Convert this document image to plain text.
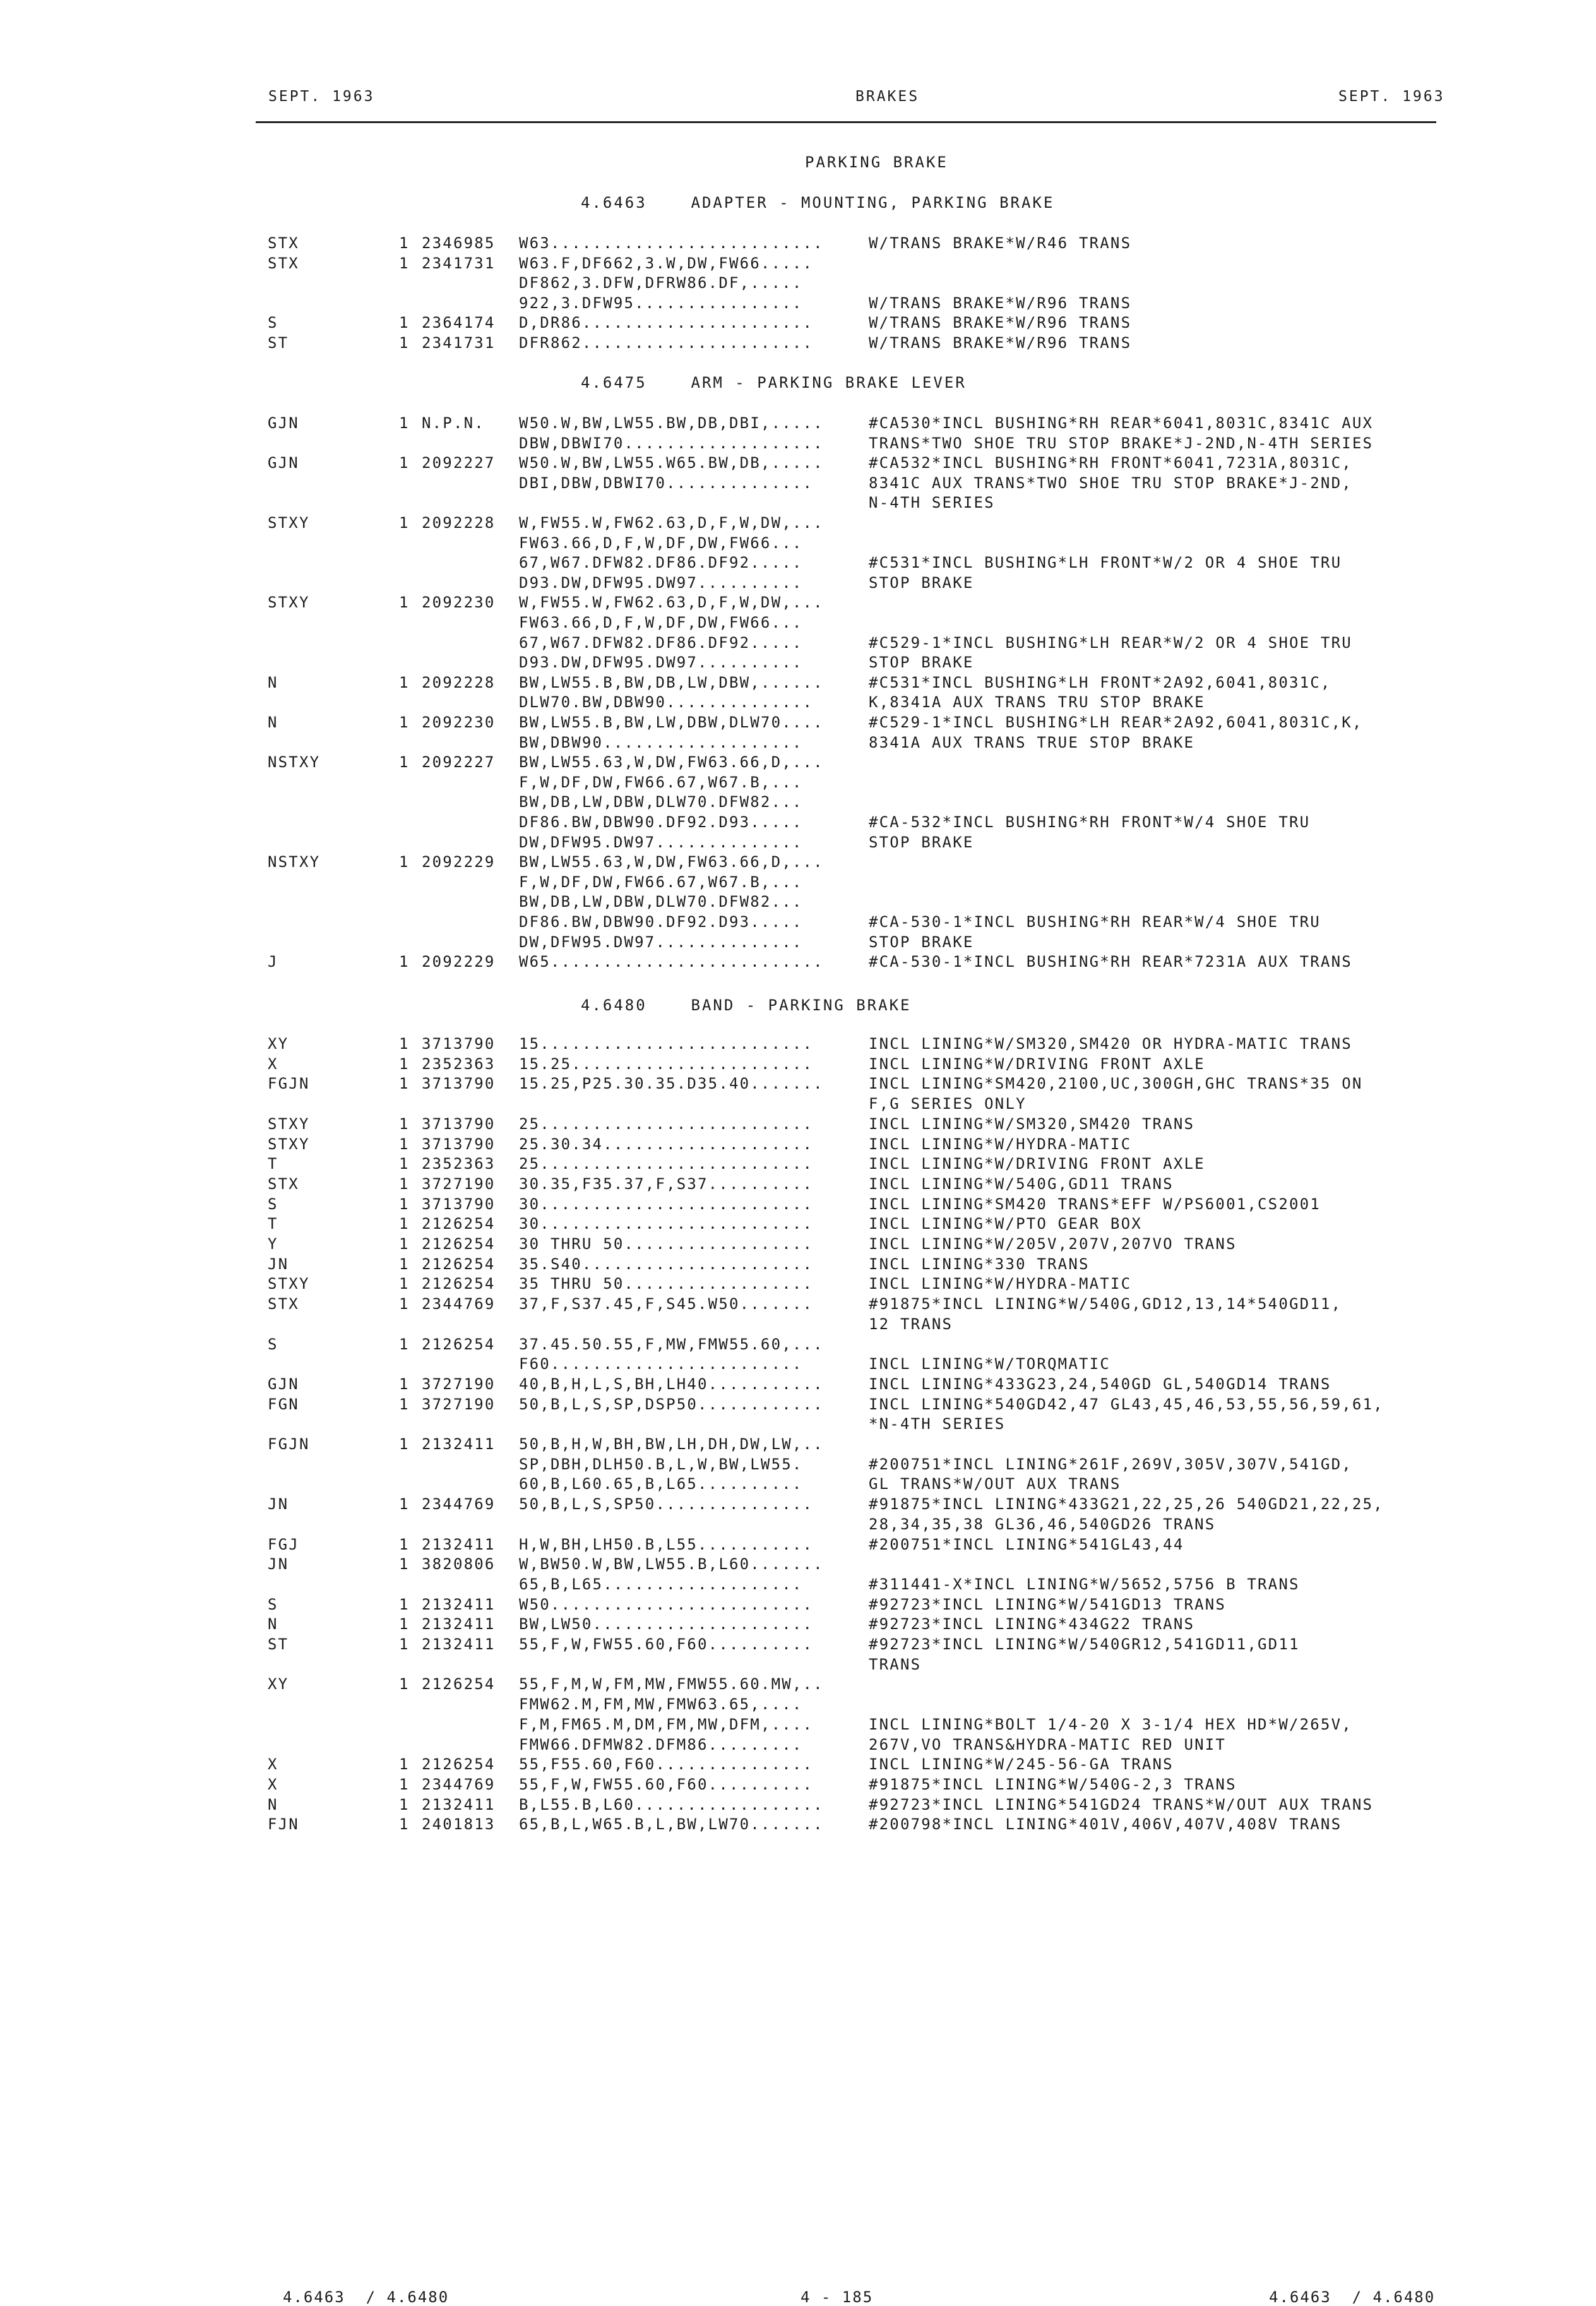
SEPT. 1963	BRAKES	SEPT. 1963
PARKING BRAKE
4.6463    ADAPTER - MOUNTING, PARKING BRAKE
STX	1 2346985 W63..........................	W/TRANS BRAKE*W/R46 TRANS
STX	1 2341731 W63.F,DF662,3.W,DW,FW66.....
DF862,3.DFW,DFRW86.DF,.....
922,3.DFW95................	W/TRANS BRAKE*W/R96 TRANS
S	1 2364174 D,DR86......................	W/TRANS BRAKE*W/R96 TRANS
ST	1 2341731 DFR862......................	W/TRANS BRAKE*W/R96 TRANS
4.6475    ARM - PARKING BRAKE LEVER
GJN	1 N.P.N. W50.W,BW,LW55.BW,DB,DBI,.....	#CA530*INCL BUSHING*RH REAR*6041,8031C,8341C AUX
DBW,DBWI70...................	TRANS*TWO SHOE TRU STOP BRAKE*J-2ND,N-4TH SERIES
GJN	1 2092227 W50.W,BW,LW55.W65.BW,DB,.....	#CA532*INCL BUSHING*RH FRONT*6041,7231A,8031C,
DBI,DBW,DBWI70..............	8341C AUX TRANS*TWO SHOE TRU STOP BRAKE*J-2ND,
N-4TH SERIES
STXY	1 2092228 W,FW55.W,FW62.63,D,F,W,DW,...
FW63.66,D,F,W,DF,DW,FW66...
67,W67.DFW82.DF86.DF92.....	#C531*INCL BUSHING*LH FRONT*W/2 OR 4 SHOE TRU
D93.DW,DFW95.DW97..........	STOP BRAKE
STXY	1 2092230 W,FW55.W,FW62.63,D,F,W,DW,...
FW63.66,D,F,W,DF,DW,FW66...
67,W67.DFW82.DF86.DF92.....	#C529-1*INCL BUSHING*LH REAR*W/2 OR 4 SHOE TRU
D93.DW,DFW95.DW97..........	STOP BRAKE
N	1 2092228 BW,LW55.B,BW,DB,LW,DBW,......	#C531*INCL BUSHING*LH FRONT*2A92,6041,8031C,
DLW70.BW,DBW90..............	K,8341A AUX TRANS TRU STOP BRAKE
N	1 2092230 BW,LW55.B,BW,LW,DBW,DLW70....	#C529-1*INCL BUSHING*LH REAR*2A92,6041,8031C,K,
BW,DBW90...................	8341A AUX TRANS TRUE STOP BRAKE
NSTXY	1 2092227 BW,LW55.63,W,DW,FW63.66,D,...
F,W,DF,DW,FW66.67,W67.B,...
BW,DB,LW,DBW,DLW70.DFW82...
DF86.BW,DBW90.DF92.D93.....	#CA-532*INCL BUSHING*RH FRONT*W/4 SHOE TRU
DW,DFW95.DW97..............	STOP BRAKE
NSTXY	1 2092229 BW,LW55.63,W,DW,FW63.66,D,...
F,W,DF,DW,FW66.67,W67.B,...
BW,DB,LW,DBW,DLW70.DFW82...
DF86.BW,DBW90.DF92.D93.....	#CA-530-1*INCL BUSHING*RH REAR*W/4 SHOE TRU
DW,DFW95.DW97..............	STOP BRAKE
J	1 2092229 W65..........................	#CA-530-1*INCL BUSHING*RH REAR*7231A AUX TRANS
4.6480    BAND - PARKING BRAKE
XY	1 3713790 15..........................	INCL LINING*W/SM320,SM420 OR HYDRA-MATIC TRANS
X	1 2352363 15.25.......................	INCL LINING*W/DRIVING FRONT AXLE
FGJN	1 3713790 15.25,P25.30.35.D35.40.......	INCL LINING*SM420,2100,UC,300GH,GHC TRANS*35 ON
F,G SERIES ONLY
STXY	1 3713790 25..........................	INCL LINING*W/SM320,SM420 TRANS
STXY	1 3713790 25.30.34....................	INCL LINING*W/HYDRA-MATIC
T	1 2352363 25..........................	INCL LINING*W/DRIVING FRONT AXLE
STX	1 3727190 30.35,F35.37,F,S37..........	INCL LINING*W/540G,GD11 TRANS
S	1 3713790 30..........................	INCL LINING*SM420 TRANS*EFF W/PS6001,CS2001
T	1 2126254 30..........................	INCL LINING*W/PTO GEAR BOX
Y	1 2126254 30 THRU 50..................	INCL LINING*W/205V,207V,207VO TRANS
JN	1 2126254 35.S40......................	INCL LINING*330 TRANS
STXY	1 2126254 35 THRU 50..................	INCL LINING*W/HYDRA-MATIC
STX	1 2344769 37,F,S37.45,F,S45.W50.......	#91875*INCL LINING*W/540G,GD12,13,14*540GD11,
12 TRANS
S	1 2126254 37.45.50.55,F,MW,FMW55.60,...
F60........................	INCL LINING*W/TORQMATIC
GJN	1 3727190 40,B,H,L,S,BH,LH40...........	INCL LINING*433G23,24,540GD GL,540GD14 TRANS
FGN	1 3727190 50,B,L,S,SP,DSP50............	INCL LINING*540GD42,47 GL43,45,46,53,55,56,59,61,
*N-4TH SERIES
FGJN	1 2132411 50,B,H,W,BH,BW,LH,DH,DW,LW,..
SP,DBH,DLH50.B,L,W,BW,LW55.	#200751*INCL LINING*261F,269V,305V,307V,541GD,
60,B,L60.65,B,L65..........	GL TRANS*W/OUT AUX TRANS
JN	1 2344769 50,B,L,S,SP50...............	#91875*INCL LINING*433G21,22,25,26 540GD21,22,25,
28,34,35,38 GL36,46,540GD26 TRANS
FGJ	1 2132411 H,W,BH,LH50.B,L55...........	#200751*INCL LINING*541GL43,44
JN	1 3820806 W,BW50.W,BW,LW55.B,L60.......
65,B,L65...................	#311441-X*INCL LINING*W/5652,5756 B TRANS
S	1 2132411 W50.........................	#92723*INCL LINING*W/541GD13 TRANS
N	1 2132411 BW,LW50.....................	#92723*INCL LINING*434G22 TRANS
ST	1 2132411 55,F,W,FW55.60,F60..........	#92723*INCL LINING*W/540GR12,541GD11,GD11
TRANS
XY	1 2126254 55,F,M,W,FM,MW,FMW55.60.MW,..
FMW62.M,FM,MW,FMW63.65,....
F,M,FM65.M,DM,FM,MW,DFM,....	INCL LINING*BOLT 1/4-20 X 3-1/4 HEX HD*W/265V,
FMW66.DFMW82.DFM86.........	267V,VO TRANS&HYDRA-MATIC RED UNIT
X	1 2126254 55,F55.60,F60...............	INCL LINING*W/245-56-GA TRANS
X	1 2344769 55,F,W,FW55.60,F60..........	#91875*INCL LINING*W/540G-2,3 TRANS
N	1 2132411 B,L55.B,L60..................	#92723*INCL LINING*541GD24 TRANS*W/OUT AUX TRANS
FJN	1 2401813 65,B,L,W65.B,L,BW,LW70.......	#200798*INCL LINING*401V,406V,407V,408V TRANS
4.6463  / 4.6480	4 - 185	4.6463  / 4.6480
